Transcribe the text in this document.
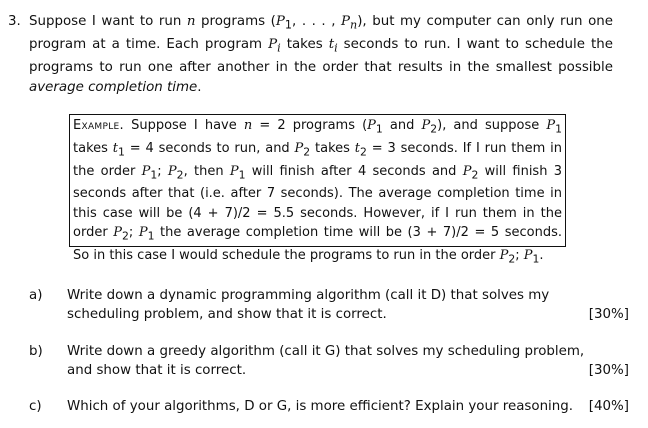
3. Suppose I want to run n programs ($P_1$, . . . , $P_n$), but my computer can only run one program at a time. Each program $P_i$ takes $t_i$ seconds to run. I want to schedule the programs to run one after another in the order that results in the smallest possible average completion time.
Example. Suppose I have n = 2 programs ($P_1$ and $P_2$), and suppose $P_1$ takes $t_1 = 4$ seconds to run, and $P_2$ takes $t_2 = 3$ seconds. If I run them in the order $P_1$; $P_2$, then $P_1$ will finish after 4 seconds and $P_2$ will finish 3 seconds after that (i.e. after 7 seconds). The average completion time in this case will be (4 + 7)/2 = 5.5 seconds. However, if I run them in the order $P_2$; $P_1$ the average completion time will be (3 + 7)/2 = 5 seconds. So in this case I would schedule the programs to run in the order $P_2$; $P_1$.
a) Write down a dynamic programming algorithm (call it D) that solves my scheduling problem, and show that it is correct.	[30%]
b) Write down a greedy algorithm (call it G) that solves my scheduling problem, and show that it is correct.	[30%]
c) Which of your algorithms, D or G, is more efficient? Explain your reasoning.	[40%]
